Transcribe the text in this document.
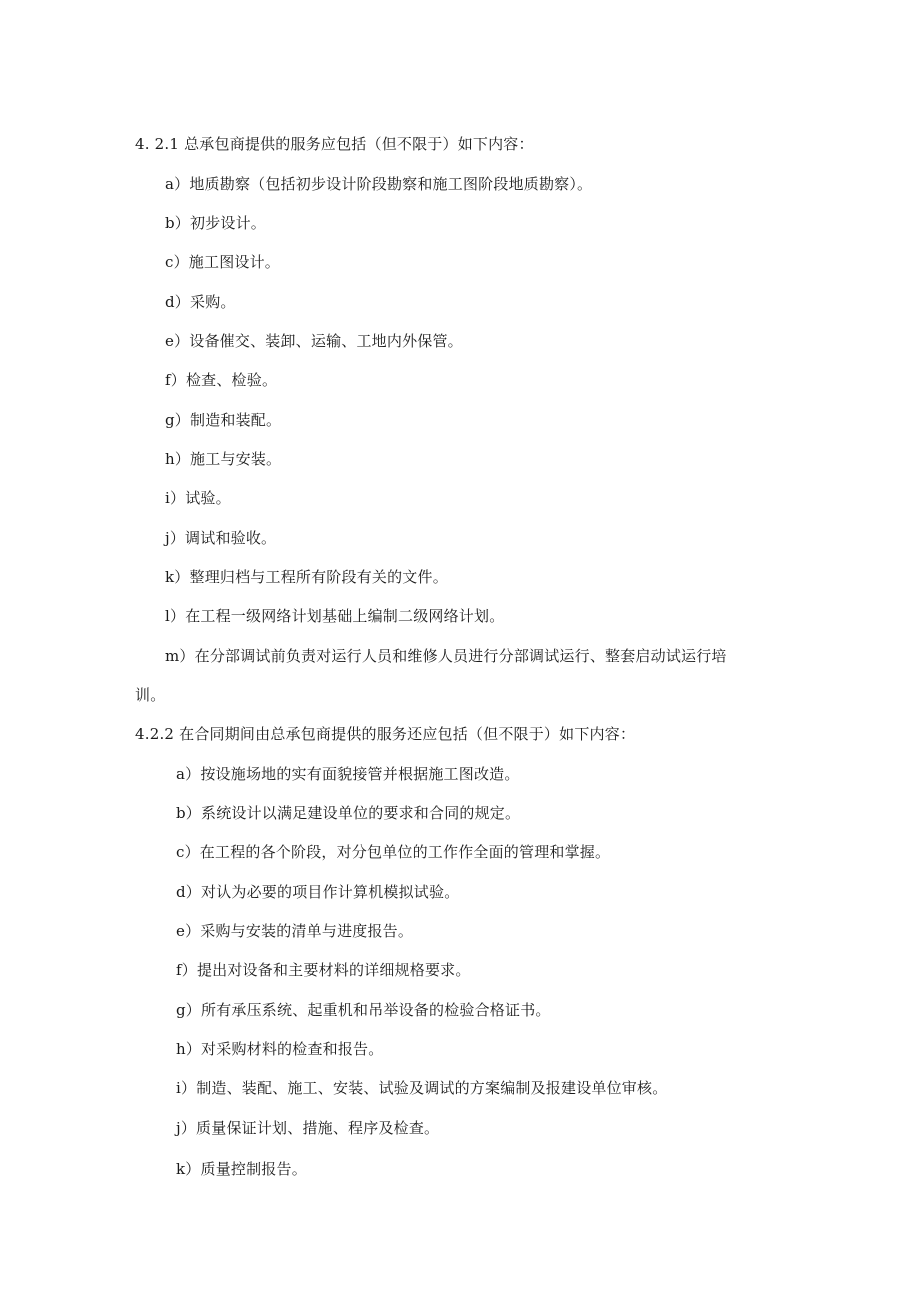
4. 2.1 总承包商提供的服务应包括（但不限于）如下内容：
a）地质勘察（包括初步设计阶段勘察和施工图阶段地质勘察）。
b）初步设计。
c）施工图设计。
d）采购。
e）设备催交、装卸、运输、工地内外保管。
f）检查、检验。
g）制造和装配。
h）施工与安装。
i）试验。
j）调试和验收。
k）整理归档与工程所有阶段有关的文件。
l）在工程一级网络计划基础上编制二级网络计划。
m）在分部调试前负责对运行人员和维修人员进行分部调试运行、整套启动试运行培
训。
4.2.2 在合同期间由总承包商提供的服务还应包括（但不限于）如下内容：
a）按设施场地的实有面貌接管并根据施工图改造。
b）系统设计以满足建设单位的要求和合同的规定。
c）在工程的各个阶段，对分包单位的工作作全面的管理和掌握。
d）对认为必要的项目作计算机模拟试验。
e）采购与安装的清单与进度报告。
f）提出对设备和主要材料的详细规格要求。
g）所有承压系统、起重机和吊举设备的检验合格证书。
h）对采购材料的检查和报告。
i）制造、装配、施工、安装、试验及调试的方案编制及报建设单位审核。
j）质量保证计划、措施、程序及检查。
k）质量控制报告。
